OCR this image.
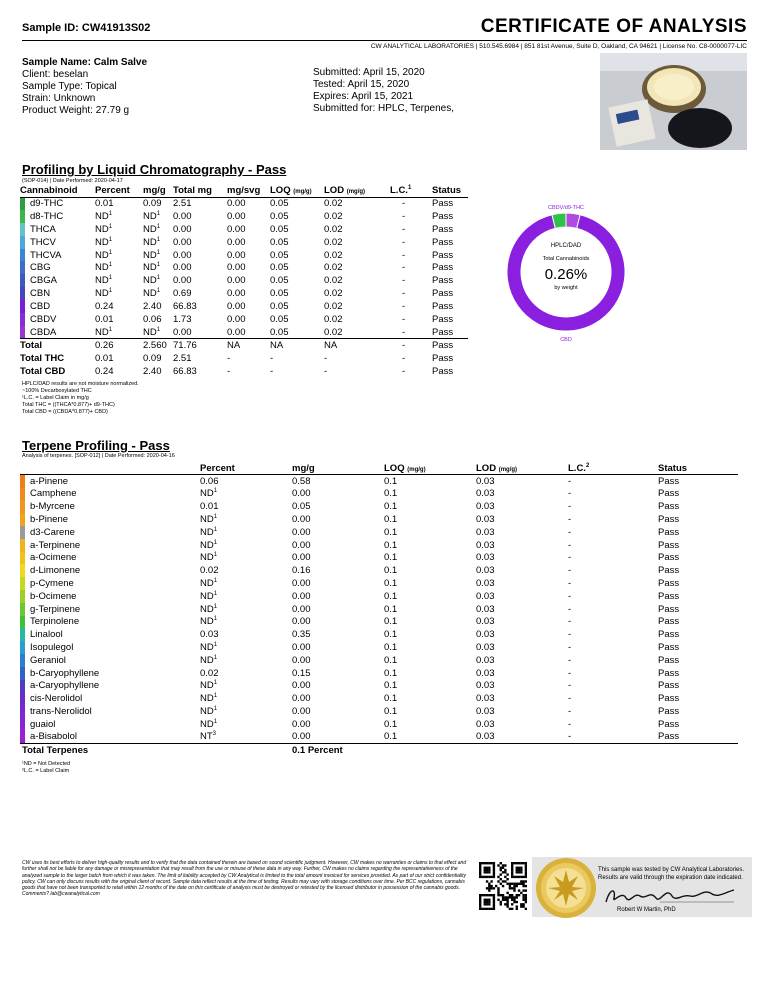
Sample ID: CW41913S02	CERTIFICATE OF ANALYSIS
CW ANALYTICAL LABORATORIES | 510.545.6984 | 851 81st Avenue, Suite D, Oakland, CA 94621 | License No. C8-0000077-LIC
Sample Name: Calm Salve
Client: beselan
Sample Type: Topical
Strain: Unknown
Product Weight: 27.79 g
Submitted: April 15, 2020
Tested: April 15, 2020
Expires: April 15, 2021
Submitted for: HPLC, Terpenes,
Profiling by Liquid Chromatography - Pass
(SOP-014) | Date Performed: 2020-04-17
Cannabinoid		Percent	mg/g	Total mg	mg/svg	LOQ (mg/g)	LOD (mg/g)	L.C.$^1$	Status
	d9-THC	0.01	0.09	2.51	0.00	0.05	0.02	-	Pass
	d8-THC	$ND^1$	$ND^1$	0.00	0.00	0.05	0.02	-	Pass
	THCA	$ND^1$	$ND^1$	0.00	0.00	0.05	0.02	-	Pass
	THCV	$ND^1$	$ND^1$	0.00	0.00	0.05	0.02	-	Pass
	THCVA	$ND^1$	$ND^1$	0.00	0.00	0.05	0.02	-	Pass
	CBG	$ND^1$	$ND^1$	0.00	0.00	0.05	0.02	-	Pass
	CBGA	$ND^1$	$ND^1$	0.00	0.00	0.05	0.02	-	Pass
	CBN	$ND^1$	$ND^1$	0.69	0.00	0.05	0.02	-	Pass
	CBD	0.24	2.40	66.83	0.00	0.05	0.02	-	Pass
	CBDV	0.01	0.06	1.73	0.00	0.05	0.02	-	Pass
	CBDA	$ND^1$	$ND^1$	0.00	0.00	0.05	0.02	-	Pass
Total		0.26	2.560	71.76	NA	NA	NA	-	Pass
Total THC		0.01	0.09	2.51	-	-	-	-	Pass
Total CBD		0.24	2.40	66.83	-	-	-	-	Pass
HPLC/DAD results are not moisture normalized.
~100% Decarboxylated THC
¹L.C. = Label Claim in mg/g
Total THC = ((THCA*0.877)+ d9-THC)
Total CBD = ((CBDA*0.877)+ CBD)
HPLC/DAD
Total Cannabinoids
0.26%
by weight
CBDV/d9-THC
CBD
Terpene Profiling - Pass
Analysis of terpenes. [SOP-012] | Date Performed: 2020-04-16
		Percent	mg/g	LOQ (mg/g)	LOD (mg/g)	L.C.$^2$	Status
	a-Pinene	0.06	0.58	0.1	0.03	-	Pass
	Camphene	$ND^1$	0.00	0.1	0.03	-	Pass
	b-Myrcene	0.01	0.05	0.1	0.03	-	Pass
	b-Pinene	$ND^1$	0.00	0.1	0.03	-	Pass
	d3-Carene	$ND^1$	0.00	0.1	0.03	-	Pass
	a-Terpinene	$ND^1$	0.00	0.1	0.03	-	Pass
	a-Ocimene	$ND^1$	0.00	0.1	0.03	-	Pass
	d-Limonene	0.02	0.16	0.1	0.03	-	Pass
	p-Cymene	$ND^1$	0.00	0.1	0.03	-	Pass
	b-Ocimene	$ND^1$	0.00	0.1	0.03	-	Pass
	g-Terpinene	$ND^1$	0.00	0.1	0.03	-	Pass
	Terpinolene	$ND^1$	0.00	0.1	0.03	-	Pass
	Linalool	0.03	0.35	0.1	0.03	-	Pass
	Isopulegol	$ND^1$	0.00	0.1	0.03	-	Pass
	Geraniol	$ND^1$	0.00	0.1	0.03	-	Pass
	b-Caryophyllene	0.02	0.15	0.1	0.03	-	Pass
	a-Caryophyllene	$ND^1$	0.00	0.1	0.03	-	Pass
	cis-Nerolidol	$ND^1$	0.00	0.1	0.03	-	Pass
	trans-Nerolidol	$ND^1$	0.00	0.1	0.03	-	Pass
	guaiol	$ND^1$	0.00	0.1	0.03	-	Pass
	a-Bisabolol	$NT^3$	0.00	0.1	0.03	-	Pass
Total Terpenes			0.1 Percent				
¹ND = Not Detected
²L.C. = Label Claim
CW uses its best efforts to deliver high-quality results and to verify that the data contained therein are based on sound scientific judgment. However, CW makes no warranties or claims to that effect and further shall not be liable for any damage or misrepresentation that may result from the use or misuse of these data in any way. Further, CW makes no claims regarding the representativeness of the analyzed sample to the larger batch from which it was taken. The limit of liability accepted by CW Analytical is limited to the total amount invoiced for services provided. As part of our strict confidentiality policy, CW can only discuss results with the original client of record. Sample data reflect results at the time of testing. Results may vary with storage conditions over time. Per BCC regulations, cannabis goods that have not been transported to retail within 12 months of the date on this certificate of analysis must be destroyed or retested by the licensed distributor in possession of the cannabis goods. Comments? lab@cwanalytical.com
This sample was tested by CW Analytical Laboratories.
Results are valid through the expiration date indicated.
Robert W Martin, PhD
